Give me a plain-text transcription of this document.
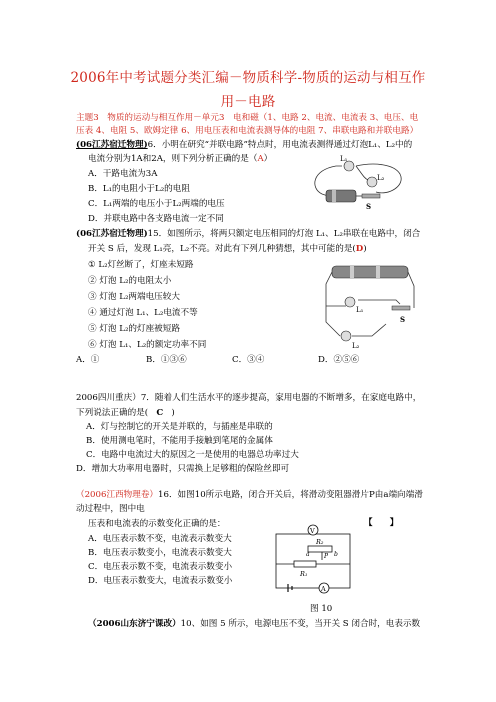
2006年中考试题分类汇编－物质科学-物质的运动与相互作
用－电路
主题3　物质的运动与相互作用－单元3　电和磁（1、电路 2、电流、电流表 3、电压、电
压表 4、电阻 5、欧姆定律 6、用电压表和电流表测导体的电阻 7、串联电路和并联电路）
(06江苏宿迁物理)6．小明在研究“并联电路”特点时，用电流表测得通过灯泡L₁、L₂中的
电流分别为1A和2A，则下列分析正确的是（A）
A．干路电流为3A
B．L₁的电阻小于L₂的电阻
C．L₁两端的电压小于L₂两端的电压
D．并联电路中各支路电流一定不同
L₁
L₂
S
(06江苏宿迁物理)15．如图所示，将两只额定电压相同的灯泡 L₁、L₂串联在电路中，闭合
开关 S 后，发现 L₁亮，L₂不亮。对此有下列几种猜想，其中可能的是(D)
① L₂灯丝断了，灯座未短路
② 灯泡 L₂的电阻太小
③ 灯泡 L₂两端电压较大
④ 通过灯泡 L₁、L₂电流不等
⑤ 灯泡 L₂的灯座被短路
⑥ 灯泡 L₁、L₂的额定功率不同
A．①	B．①③⑥	C．③④	D．②⑤⑥
L₁
S
L₂
2006四川重庆）7．随着人们生活水平的逐步提高，家用电器的不断增多，在家庭电路中，
下列说法正确的是( C )
A．灯与控制它的开关是并联的，与插座是串联的
B．使用测电笔时，不能用手接触到笔尾的金属体
C．电路中电流过大的原因之一是使用的电器总功率过大
D．增加大功率用电器时，只需换上足够粗的保险丝即可
（2006江西物理卷）16．如图10所示电路，闭合开关后，将滑动变阻器滑片P由a端向端滑
动过程中，图中电
压表和电流表的示数变化正确的是：	【　　】
A．电压表示数不变，电流表示数变大
B．电压表示数变小，电流表示数变大
C．电压表示数不变，电流表示数变小
D．电压表示数变大，电流表示数变小
V
R₂
a P
R₁
b
A
图 10
（2006山东济宁课改）10、如图 5 所示，电源电压不变，当开关 S 闭合时，电表示数
